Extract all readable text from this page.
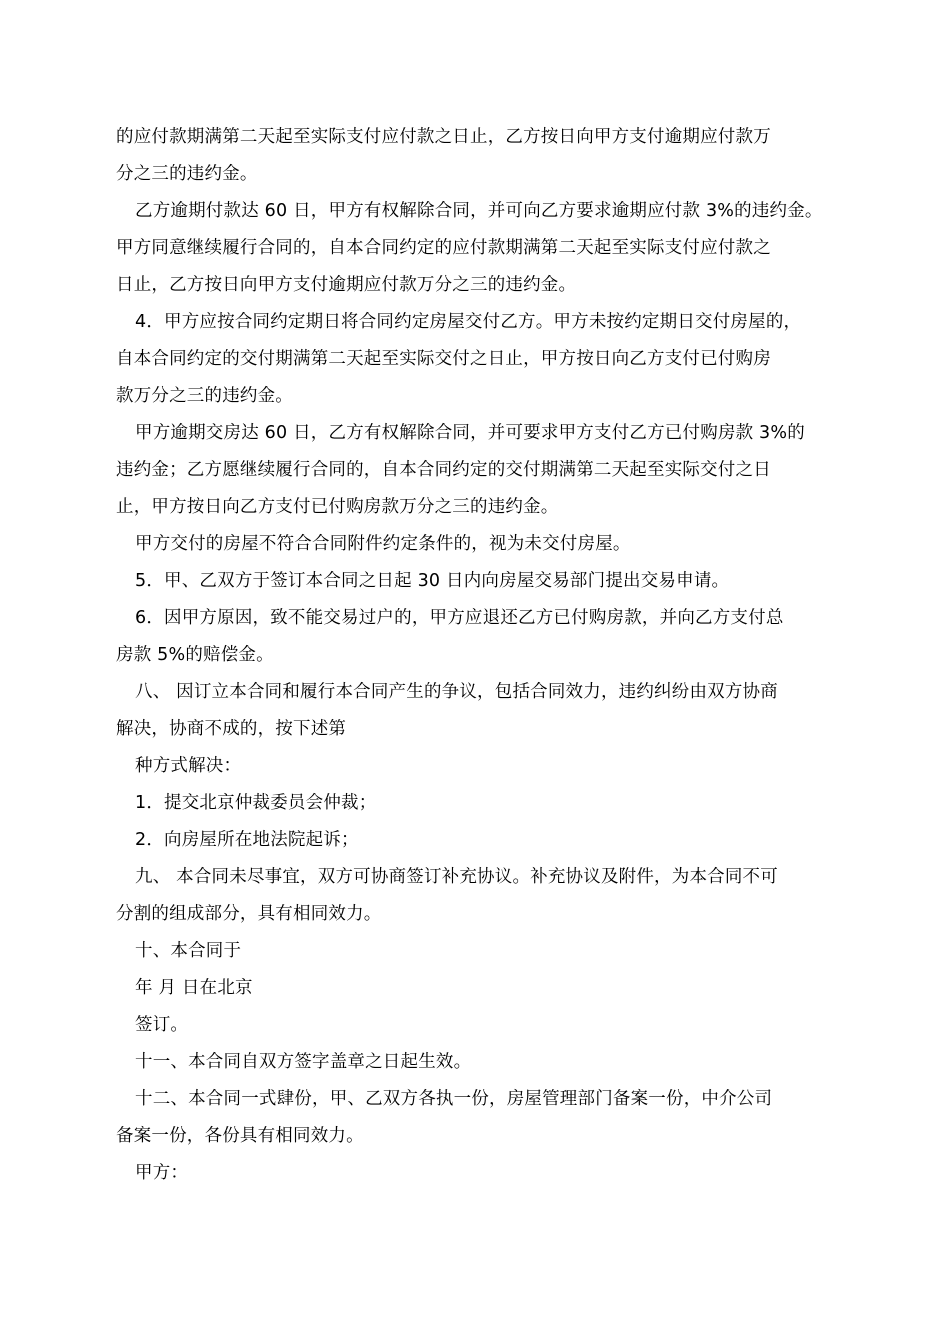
的应付款期满第二天起至实际支付应付款之日止，乙方按日向甲方支付逾期应付款万
分之三的违约金。
乙方逾期付款达 60 日，甲方有权解除合同，并可向乙方要求逾期应付款 3%的违约金。
甲方同意继续履行合同的，自本合同约定的应付款期满第二天起至实际支付应付款之
日止，乙方按日向甲方支付逾期应付款万分之三的违约金。
4．甲方应按合同约定期日将合同约定房屋交付乙方。甲方未按约定期日交付房屋的，
自本合同约定的交付期满第二天起至实际交付之日止，甲方按日向乙方支付已付购房
款万分之三的违约金。
甲方逾期交房达 60 日，乙方有权解除合同，并可要求甲方支付乙方已付购房款 3%的
违约金；乙方愿继续履行合同的，自本合同约定的交付期满第二天起至实际交付之日
止，甲方按日向乙方支付已付购房款万分之三的违约金。
甲方交付的房屋不符合合同附件约定条件的，视为未交付房屋。
5．甲、乙双方于签订本合同之日起 30 日内向房屋交易部门提出交易申请。
6．因甲方原因，致不能交易过户的，甲方应退还乙方已付购房款，并向乙方支付总
房款 5%的赔偿金。
八、 因订立本合同和履行本合同产生的争议，包括合同效力，违约纠纷由双方协商
解决，协商不成的，按下述第
种方式解决：
1．提交北京仲裁委员会仲裁；
2．向房屋所在地法院起诉；
九、 本合同未尽事宜，双方可协商签订补充协议。补充协议及附件，为本合同不可
分割的组成部分，具有相同效力。
十、本合同于
年 月 日在北京
签订。
十一、本合同自双方签字盖章之日起生效。
十二、本合同一式肆份，甲、乙双方各执一份，房屋管理部门备案一份，中介公司
备案一份，各份具有相同效力。
甲方：
